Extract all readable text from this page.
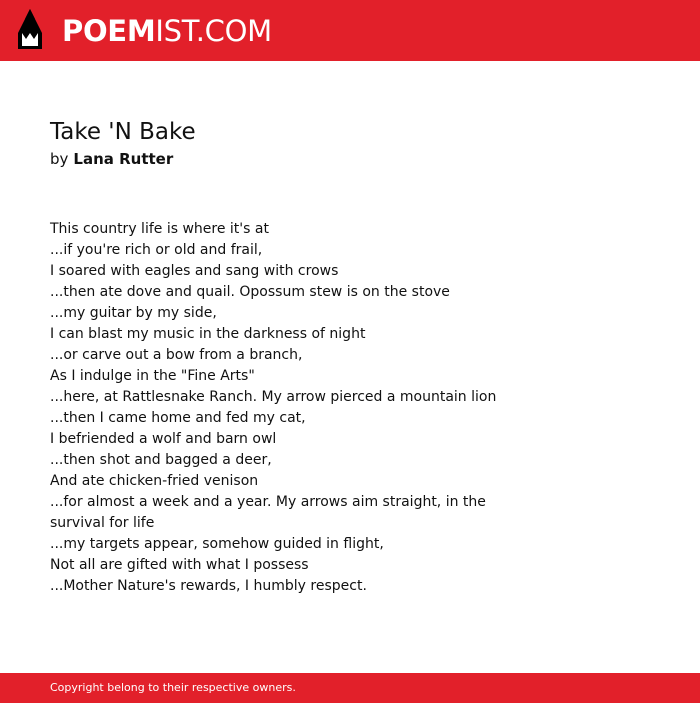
POEMIST.COM
Take 'N Bake
by Lana Rutter
This country life is where it's at
...if you're rich or old and frail,
I soared with eagles and sang with crows
...then ate dove and quail. Opossum stew is on the stove
...my guitar by my side,
I can blast my music in the darkness of night
...or carve out a bow from a branch,
As I indulge in the "Fine Arts"
...here, at Rattlesnake Ranch. My arrow pierced a mountain lion
...then I came home and fed my cat,
I befriended a wolf and barn owl
...then shot and bagged a deer,
And ate chicken-fried venison
...for almost a week and a year. My arrows aim straight, in the survival for life
...my targets appear, somehow guided in flight,
Not all are gifted with what I possess
...Mother Nature's rewards, I humbly respect.
Copyright belong to their respective owners.
